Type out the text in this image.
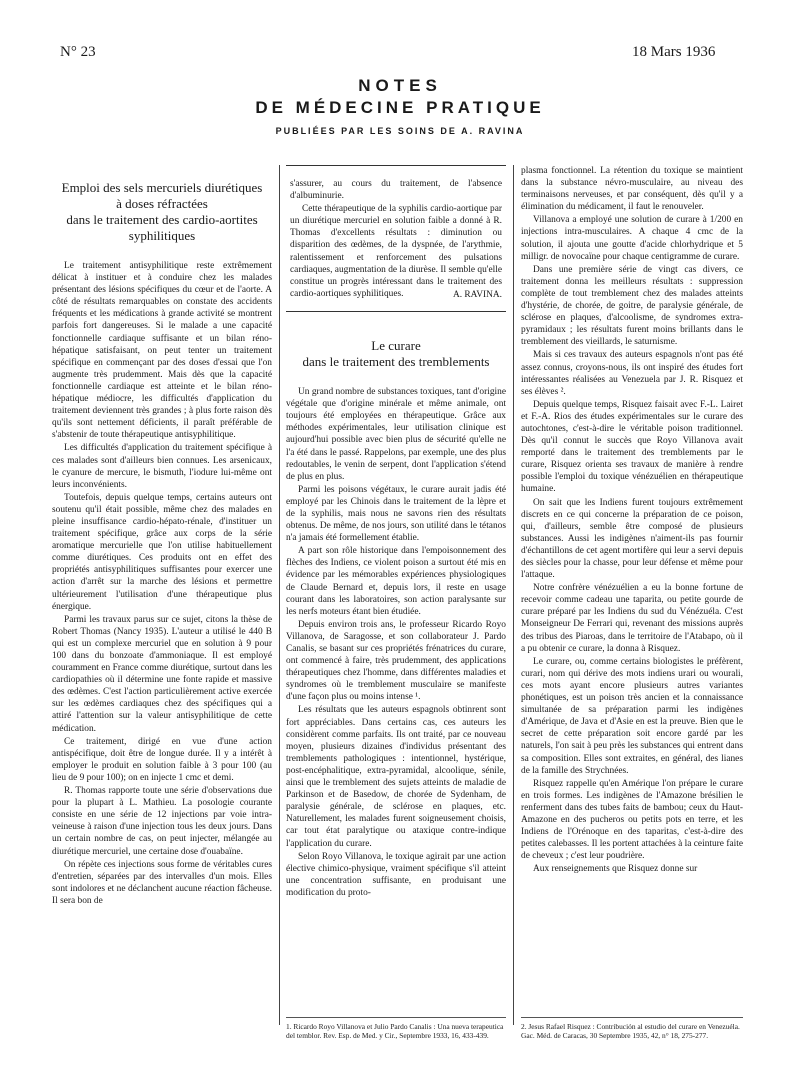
N° 23	18 Mars 1936
NOTES
DE MÉDECINE PRATIQUE
PUBLIÉES PAR LES SOINS DE A. RAVINA
Emploi des sels mercuriels diurétiques
à doses réfractées
dans le traitement des cardio-aortites
syphilitiques

Le traitement antisyphilitique reste extrêmement délicat à instituer et à conduire chez les malades présentant des lésions spécifiques du cœur et de l'aorte. A côté de résultats remarquables on constate des accidents fréquents et les médications à grande activité se montrent parfois fort dangereuses. Si le malade a une capacité fonctionnelle cardiaque suffisante et un bilan réno-hépatique satisfaisant, on peut tenter un traitement spécifique en commençant par des doses d'essai que l'on augmente très prudemment. Mais dès que la capacité fonctionnelle cardiaque est atteinte et le bilan réno-hépatique médiocre, les difficultés d'application du traitement deviennent très grandes ; à plus forte raison dès qu'ils sont nettement déficients, il paraît préférable de s'abstenir de toute thérapeutique antisyphilitique.

Les difficultés d'application du traitement spécifique à ces malades sont d'ailleurs bien connues. Les arsenicaux, le cyanure de mercure, le bismuth, l'iodure lui-même ont leurs inconvénients.

Toutefois, depuis quelque temps, certains auteurs ont soutenu qu'il était possible, même chez des malades en pleine insuffisance cardio-hépato-rénale, d'instituer un traitement spécifique, grâce aux corps de la série aromatique mercurielle que l'on utilise habituellement comme diurétiques. Ces produits ont en effet des propriétés antisyphilitiques suffisantes pour exercer une action d'arrêt sur la marche des lésions et permettre ultérieurement l'utilisation d'une thérapeutique plus énergique.

Parmi les travaux parus sur ce sujet, citons la thèse de Robert Thomas (Nancy 1935). L'auteur a utilisé le 440 B qui est un complexe mercuriel que en solution à 9 pour 100 dans du bonzoate d'ammoniaque. Il est employé couramment en France comme diurétique, surtout dans les cardiopathies où il détermine une fonte rapide et massive des œdèmes. C'est l'action particulièrement active exercée sur les œdèmes cardiaques chez des spécifiques qui a attiré l'attention sur la valeur antisyphilitique de cette médication.

Ce traitement, dirigé en vue d'une action antispécifique, doit être de longue durée. Il y a intérêt à employer le produit en solution faible à 3 pour 100 (au lieu de 9 pour 100); on en injecte 1 cmc et demi.

R. Thomas rapporte toute une série d'observations due pour la plupart à L. Mathieu. La posologie courante consiste en une série de 12 injections par voie intra-veineuse à raison d'une injection tous les deux jours. Dans un certain nombre de cas, on peut injecter, mélangée au diurétique mercuriel, une certaine dose d'ouabaïne.

On répète ces injections sous forme de véritables cures d'entretien, séparées par des intervalles d'un mois. Elles sont indolores et ne déclanchent aucune réaction fâcheuse. Il sera bon de

s'assurer, au cours du traitement, de l'absence d'albuminurie.

Cette thérapeutique de la syphilis cardio-aortique par un diurétique mercuriel en solution faible a donné à R. Thomas d'excellents résultats : diminution ou disparition des œdèmes, de la dyspnée, de l'arythmie, ralentissement et renforcement des pulsations cardiaques, augmentation de la diurèse. Il semble qu'elle constitue un progrès intéressant dans le traitement des cardio-aortiques syphilitiques.	A. RAVINA.
Le curare
dans le traitement des tremblements

Un grand nombre de substances toxiques, tant d'origine végétale que d'origine minérale et même animale, ont toujours été employées en thérapeutique. Grâce aux méthodes expérimentales, leur utilisation clinique est aujourd'hui possible avec bien plus de sécurité qu'elle ne l'a été dans le passé. Rappelons, par exemple, une des plus redoutables, le venin de serpent, dont l'application s'étend de plus en plus.

Parmi les poisons végétaux, le curare aurait jadis été employé par les Chinois dans le traitement de la lèpre et de la syphilis, mais nous ne savons rien des résultats obtenus. De même, de nos jours, son utilité dans le tétanos n'a jamais été formellement établie.

A part son rôle historique dans l'empoisonnement des flèches des Indiens, ce violent poison a surtout été mis en évidence par les mémorables expériences physiologiques de Claude Bernard et, depuis lors, il reste en usage courant dans les laboratoires, son action paralysante sur les nerfs moteurs étant bien étudiée.

Depuis environ trois ans, le professeur Ricardo Royo Villanova, de Saragosse, et son collaborateur J. Pardo Canalis, se basant sur ces propriétés frénatrices du curare, ont commencé à faire, très prudemment, des applications thérapeutiques chez l'homme, dans différentes maladies et syndromes où le tremblement musculaire se manifeste d'une façon plus ou moins intense ¹.

Les résultats que les auteurs espagnols obtinrent sont fort appréciables. Dans certains cas, ces auteurs les considèrent comme parfaits. Ils ont traité, par ce nouveau moyen, plusieurs dizaines d'individus présentant des tremblements pathologiques : intentionnel, hystérique, post-encéphalitique, extra-pyramidal, alcoolique, sénile, ainsi que le tremblement des sujets atteints de maladie de Parkinson et de Basedow, de chorée de Sydenham, de paralysie générale, de sclérose en plaques, etc. Naturellement, les malades furent soigneusement choisis, car tout état paralytique ou ataxique contre-indique l'application du curare.

Selon Royo Villanova, le toxique agirait par une action élective chimico-physique, vraiment spécifique s'il atteint une concentration suffisante, en produisant une modification du proto-

plasma fonctionnel. La rétention du toxique se maintient dans la substance névro-musculaire, au niveau des terminaisons nerveuses, et par conséquent, dès qu'il y a élimination du médicament, il faut le renouveler.

Villanova a employé une solution de curare à 1/200 en injections intra-musculaires. A chaque 4 cmc de la solution, il ajouta une goutte d'acide chlorhydrique et 5 milligr. de novocaïne pour chaque centigramme de curare.

Dans une première série de vingt cas divers, ce traitement donna les meilleurs résultats : suppression complète de tout tremblement chez des malades atteints d'hystérie, de chorée, de goitre, de paralysie générale, de sclérose en plaques, d'alcoolisme, de syndromes extra-pyramidaux ; les résultats furent moins brillants dans le tremblement des vieillards, le saturnisme.

Mais si ces travaux des auteurs espagnols n'ont pas été assez connus, croyons-nous, ils ont inspiré des études fort intéressantes réalisées au Venezuela par J. R. Risquez et ses élèves ².

Depuis quelque temps, Risquez faisait avec F.-L. Lairet et F.-A. Rios des études expérimentales sur le curare des autochtones, c'est-à-dire le véritable poison traditionnel. Dès qu'il connut le succès que Royo Villanova avait remporté dans le traitement des tremblements par le curare, Risquez orienta ses travaux de manière à rendre possible l'emploi du toxique vénézuélien en thérapeutique humaine.

On sait que les Indiens furent toujours extrêmement discrets en ce qui concerne la préparation de ce poison, qui, d'ailleurs, semble être composé de plusieurs substances. Aussi les indigènes n'aiment-ils pas fournir d'échantillons de cet agent mortifère qui leur a servi depuis des siècles pour la chasse, pour leur défense et même pour l'attaque.

Notre confrère vénézuélien a eu la bonne fortune de recevoir comme cadeau une taparita, ou petite gourde de curare préparé par les Indiens du sud du Vénézuéla. C'est Monseigneur De Ferrari qui, revenant des missions auprès des tribus des Piaroas, dans le territoire de l'Atabapo, où il a pu obtenir ce curare, la donna à Risquez.

Le curare, ou, comme certains biologistes le préfèrent, curari, nom qui dérive des mots indiens urari ou wourali, ces mots ayant encore plusieurs autres variantes phonétiques, est un poison très ancien et la connaissance simultanée de sa préparation parmi les indigènes d'Amérique, de Java et d'Asie en est la preuve. Bien que le secret de cette préparation soit encore gardé par les naturels, l'on sait à peu près les substances qui entrent dans sa composition. Elles sont extraites, en général, des lianes de la famille des Strychnées.

Risquez rappelle qu'en Amérique l'on prépare le curare en trois formes. Les indigènes de l'Amazone brésilien le renferment dans des tubes faits de bambou; ceux du Haut-Amazone en des pucheros ou petits pots en terre, et les Indiens de l'Orénoque en des taparitas, c'est-à-dire des petites calebasses. Il les portent attachées à la ceinture faite de cheveux ; c'est leur poudrière.

Aux renseignements que Risquez donne sur

1. Ricardo Royo Villanova et Julio Pardo Canalis : Una nueva terapeutica del temblor. Rev. Esp. de Med. y Cir., Septembre 1933, 16, 433-439.
2. Jesus Rafael Risquez : Contribución al estudio del curare en Venezuéla. Gac. Méd. de Caracas, 30 Septembre 1935, 42, n° 18, 275-277.
